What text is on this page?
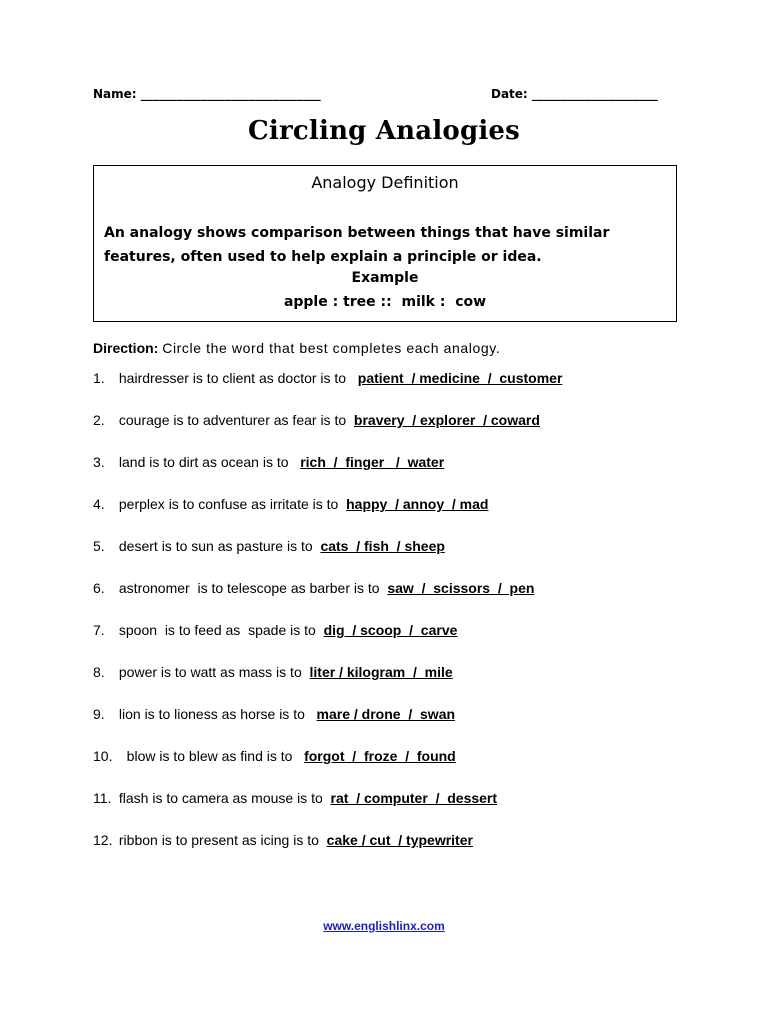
Name: ______________________________	Date: _____________________
Circling Analogies
Analogy Definition
An analogy shows comparison between things that have similar features, often used to help explain a principle or idea.
Example
apple : tree ::  milk :  cow
Direction: Circle the word that best completes each analogy.
1. hairdresser is to client as doctor is to   patient  / medicine  /  customer
2. courage is to adventurer as fear is to  bravery  / explorer  / coward
3. land is to dirt as ocean is to   rich  /  finger   /  water
4. perplex is to confuse as irritate is to  happy  / annoy  / mad
5. desert is to sun as pasture is to  cats  / fish  / sheep
6. astronomer  is to telescope as barber is to  saw  /  scissors  /  pen
7. spoon  is to feed as  spade is to  dig  / scoop  /  carve
8. power is to watt as mass is to  liter / kilogram  /  mile
9. lion is to lioness as horse is to   mare / drone  /  swan
10.   blow is to blew as find is to   forgot  /  froze  /  found
11. flash is to camera as mouse is to  rat  / computer  /  dessert
12. ribbon is to present as icing is to  cake / cut  / typewriter
www.englishlinx.com
